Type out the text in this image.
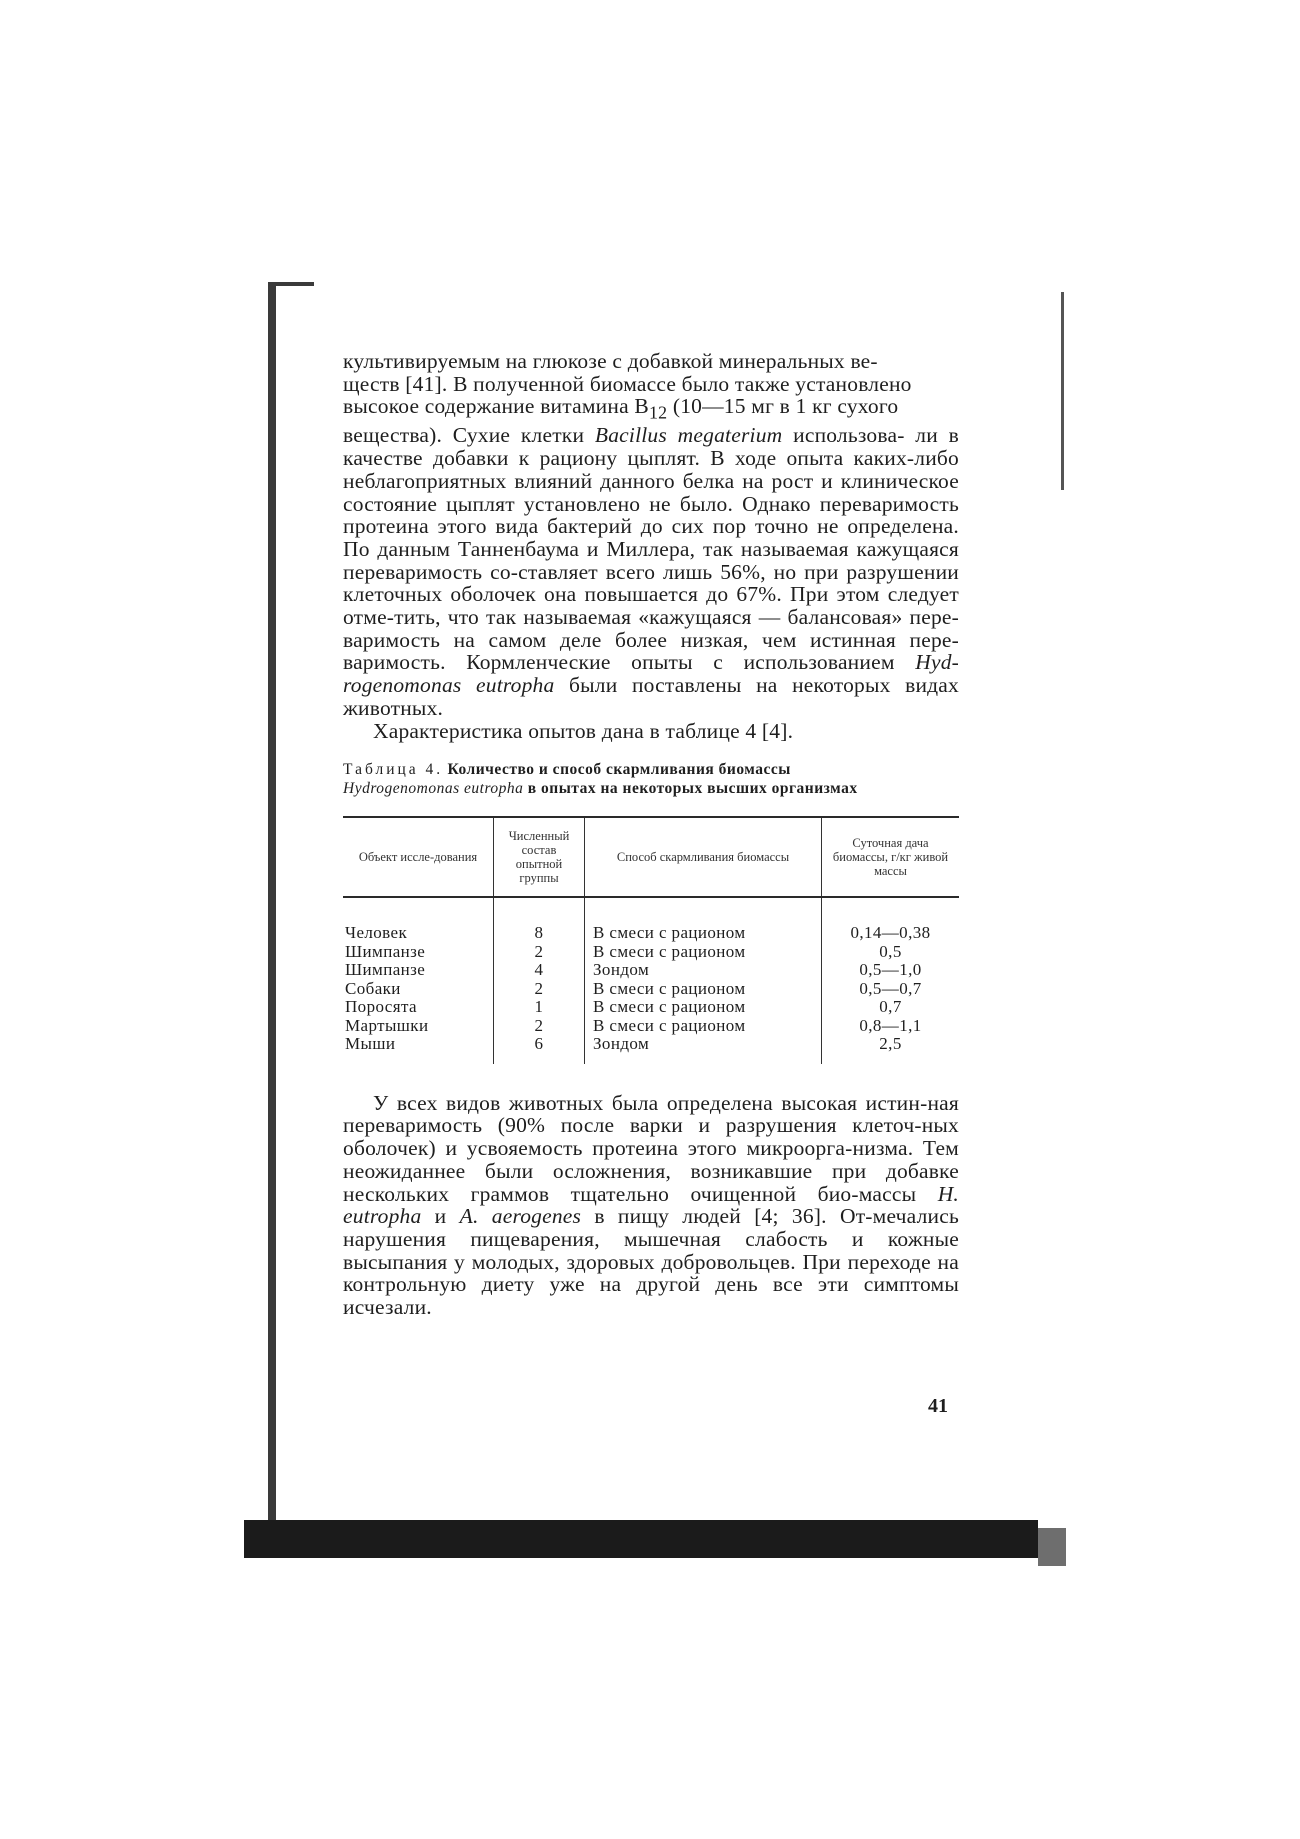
культивируемым на глюкозе с добавкой минеральных ве-
ществ [41]. В полученной биомассе было также установлено
высокое содержание витамина $B_{12}$ (10—15 мг в 1 кг сухого
вещества). Сухие клетки Bacillus megaterium использова- ли в качестве добавки к рациону цыплят. В ходе опыта каких-либо неблагоприятных влияний данного белка на рост и клиническое состояние цыплят установлено не было. Однако переваримость протеина этого вида бактерий до сих пор точно не определена. По данным Танненбаума и Миллера, так называемая кажущаяся переваримость со-ставляет всего лишь 56%, но при разрушении клеточных оболочек она повышается до 67%. При этом следует отме-тить, что так называемая «кажущаяся — балансовая» пере-варимость на самом деле более низкая, чем истинная пере-варимость. Кормленческие опыты с использованием Hyd-rogenomonas eutropha были поставлены на некоторых видах животных.

Характеристика опытов дана в таблице 4 [4].

Таблица 4. Количество и способ скармливания биомассы
Hydrogenomonas eutropha в опытах на некоторых высших организмах
Объект иссле-дования	Численный состав опытной группы	Способ скармливания биомассы	Суточная дача биомассы, г/кг живой массы

Человек	8	В смеси с рационом	0,14—0,38
Шимпанзе	2	В смеси с рационом	0,5
Шимпанзе	4	Зондом	0,5—1,0
Собаки	2	В смеси с рационом	0,5—0,7
Поросята	1	В смеси с рационом	0,7
Мартышки	2	В смеси с рационом	0,8—1,1
Мыши	6	Зондом	2,5

У всех видов животных была определена высокая истин-ная переваримость (90% после варки и разрушения клеточ-ных оболочек) и усвояемость протеина этого микроорга-низма. Тем неожиданнее были осложнения, возникавшие при добавке нескольких граммов тщательно очищенной био-массы H. eutropha и A. aerogenes в пищу людей [4; 36]. От-мечались нарушения пищеварения, мышечная слабость и кожные высыпания у молодых, здоровых добровольцев. При переходе на контрольную диету уже на другой день все эти симптомы исчезали.

41
